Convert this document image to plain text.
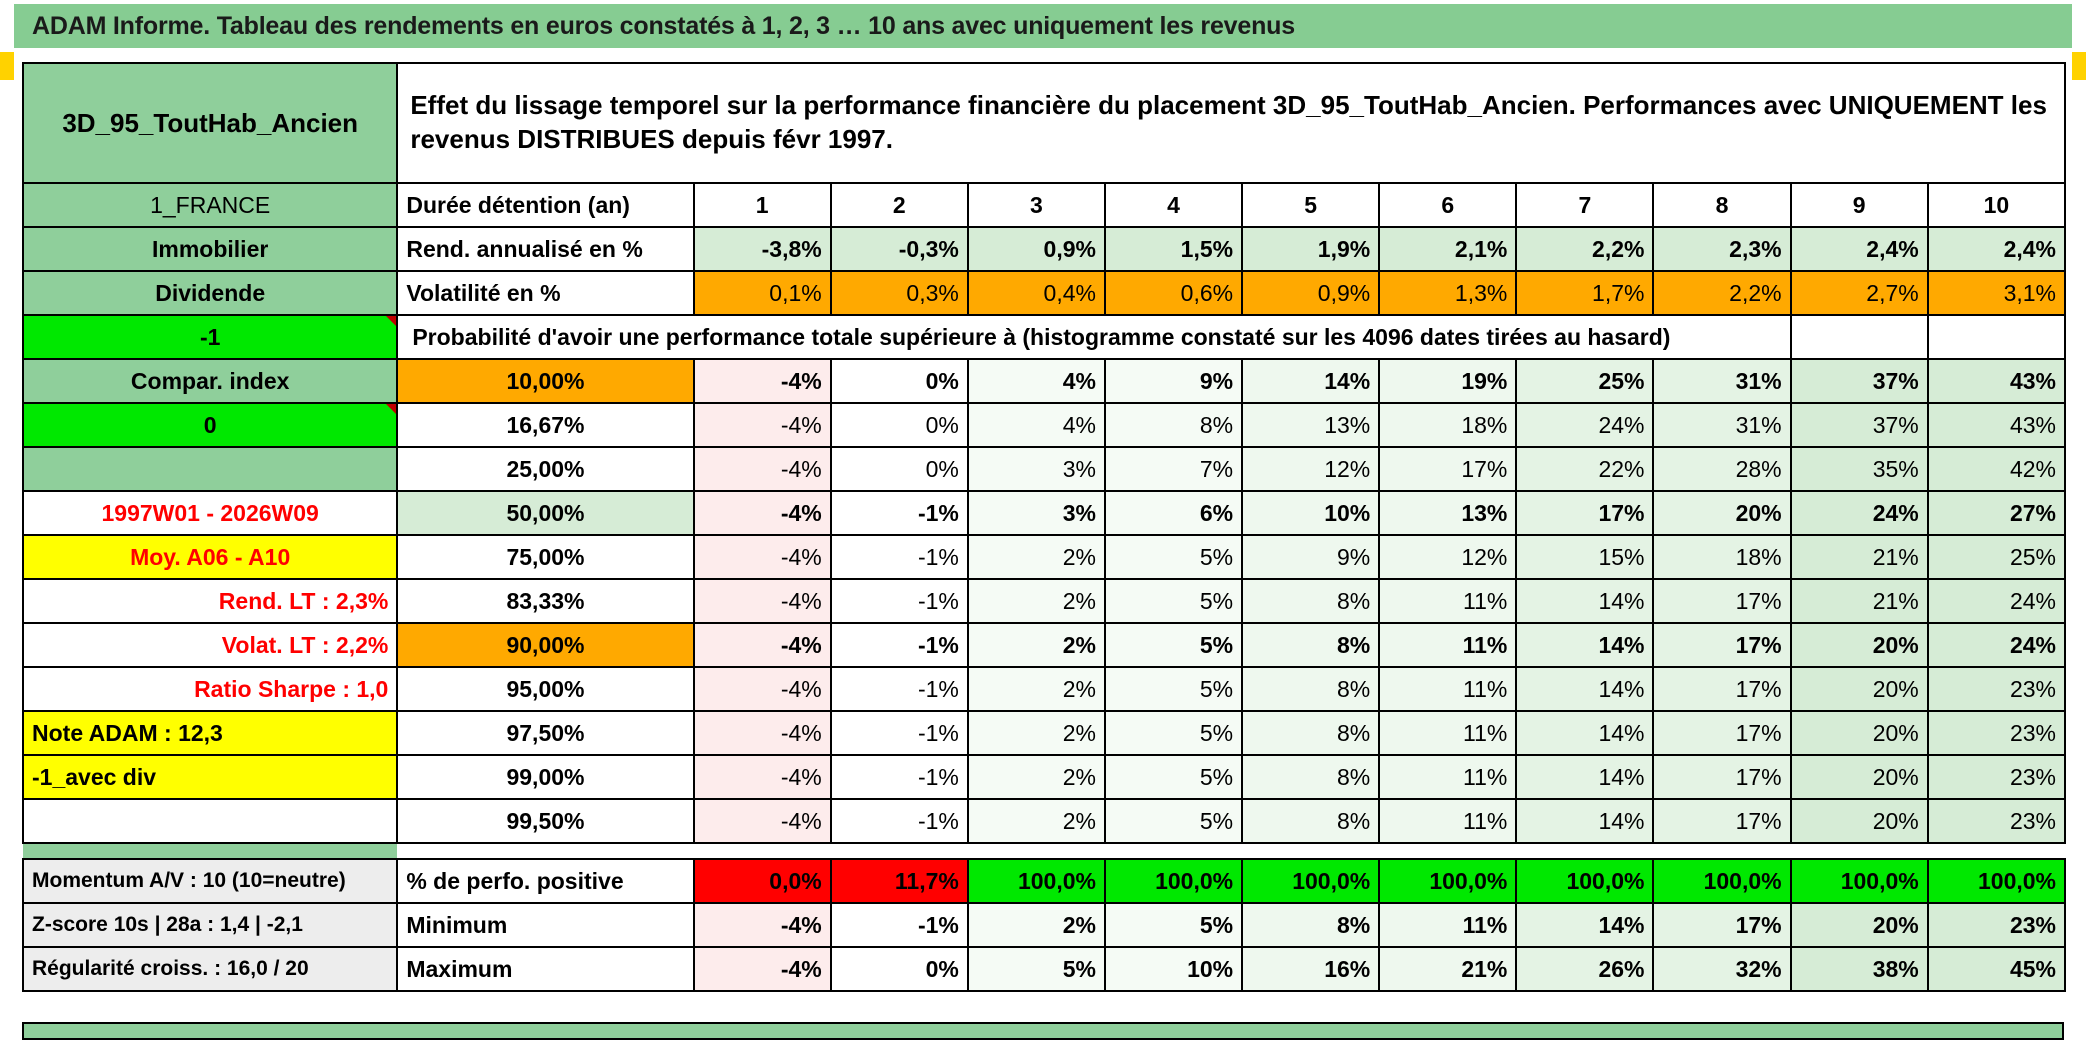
ADAM Informe. Tableau des rendements en euros constatés à 1, 2, 3 … 10 ans avec uniquement les revenus
3D_95_ToutHab_Ancien	Effet du lissage temporel sur la performance financière du placement 3D_95_ToutHab_Ancien. Performances avec UNIQUEMENT les revenus DISTRIBUES depuis févr 1997.										
1_FRANCE	Durée détention (an)	1	2	3	4	5	6	7	8	9	10
Immobilier	Rend. annualisé en %	-3,8%	-0,3%	0,9%	1,5%	1,9%	2,1%	2,2%	2,3%	2,4%	2,4%
Dividende	Volatilité en %	0,1%	0,3%	0,4%	0,6%	0,9%	1,3%	1,7%	2,2%	2,7%	3,1%
-1	Probabilité d'avoir une performance totale supérieure à (histogramme constaté sur les 4096 dates tirées au hasard)										
Compar. index	10,00%	-4%	0%	4%	9%	14%	19%	25%	31%	37%	43%
0	16,67%	-4%	0%	4%	8%	13%	18%	24%	31%	37%	43%
	25,00%	-4%	0%	3%	7%	12%	17%	22%	28%	35%	42%
1997W01 - 2026W09	50,00%	-4%	-1%	3%	6%	10%	13%	17%	20%	24%	27%
Moy. A06 - A10	75,00%	-4%	-1%	2%	5%	9%	12%	15%	18%	21%	25%
Rend. LT : 2,3%	83,33%	-4%	-1%	2%	5%	8%	11%	14%	17%	21%	24%
Volat. LT : 2,2%	90,00%	-4%	-1%	2%	5%	8%	11%	14%	17%	20%	24%
Ratio Sharpe : 1,0	95,00%	-4%	-1%	2%	5%	8%	11%	14%	17%	20%	23%
Note ADAM : 12,3	97,50%	-4%	-1%	2%	5%	8%	11%	14%	17%	20%	23%
-1_avec div	99,00%	-4%	-1%	2%	5%	8%	11%	14%	17%	20%	23%
	99,50%	-4%	-1%	2%	5%	8%	11%	14%	17%	20%	23%

Momentum A/V : 10 (10=neutre)	% de perfo. positive	0,0%	11,7%	100,0%	100,0%	100,0%	100,0%	100,0%	100,0%	100,0%	100,0%
Z-score 10s | 28a : 1,4 | -2,1	Minimum	-4%	-1%	2%	5%	8%	11%	14%	17%	20%	23%
Régularité croiss. : 16,0 / 20	Maximum	-4%	0%	5%	10%	16%	21%	26%	32%	38%	45%
